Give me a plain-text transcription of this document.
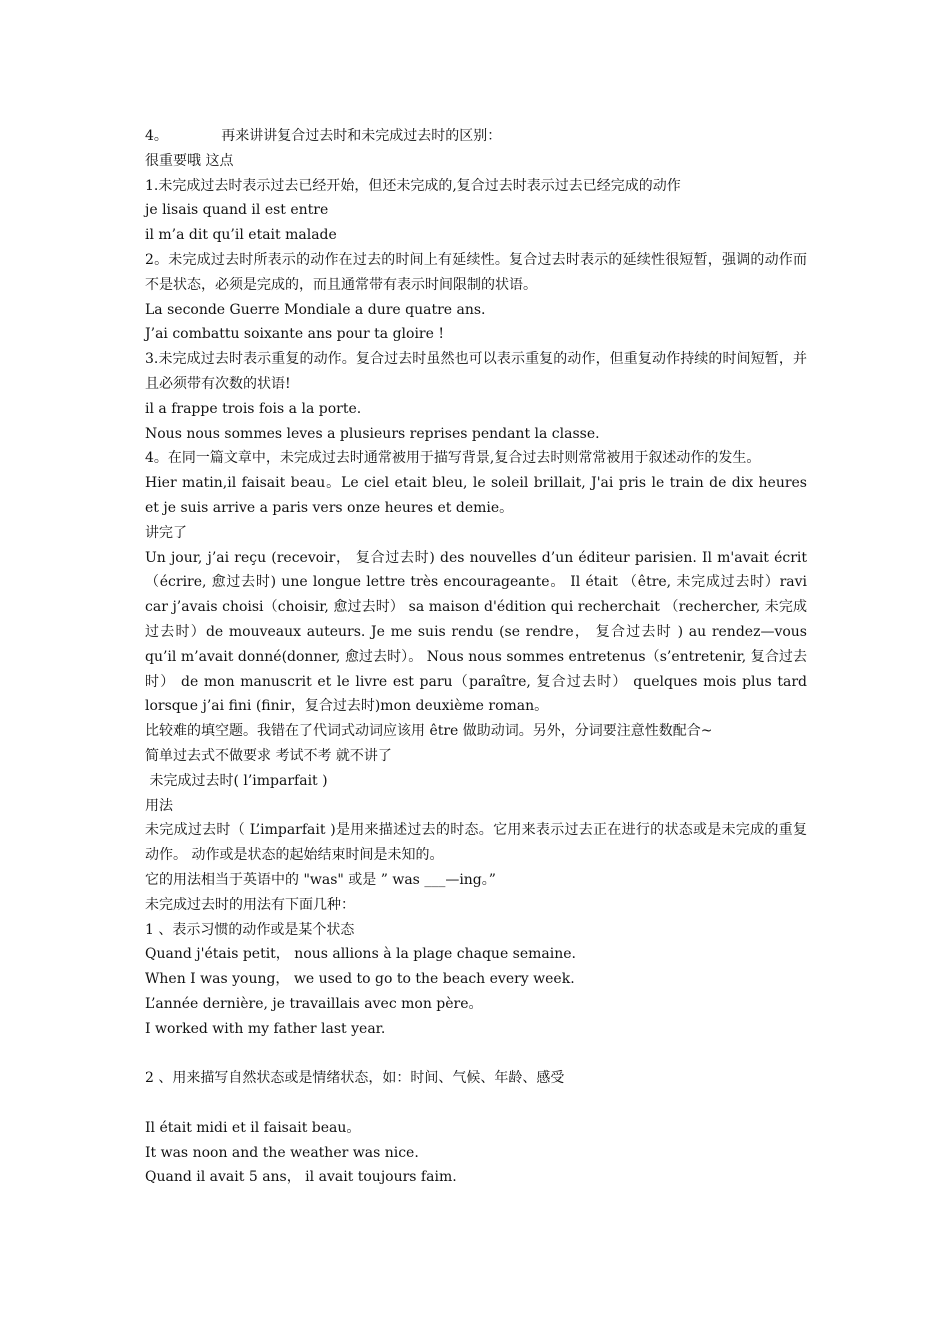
4。            再来讲讲复合过去时和未完成过去时的区别：

很重要哦 这点

1.未完成过去时表示过去已经开始，但还未完成的,复合过去时表示过去已经完成的动作

je lisais quand il est entre

il m’a dit qu’il etait malade

2。未完成过去时所表示的动作在过去的时间上有延续性。复合过去时表示的延续性很短暂，强调的动作而不是状态，必须是完成的，而且通常带有表示时间限制的状语。

La seconde Guerre Mondiale a dure quatre ans.

J’ai combattu soixante ans pour ta gloire !

3.未完成过去时表示重复的动作。复合过去时虽然也可以表示重复的动作，但重复动作持续的时间短暂，并且必须带有次数的状语!

il a frappe trois fois a la porte.

Nous nous sommes leves a plusieurs reprises pendant la classe.

4。在同一篇文章中，未完成过去时通常被用于描写背景,复合过去时则常常被用于叙述动作的发生。

Hier matin,il faisait beau。Le ciel etait bleu, le soleil brillait, J'ai pris le train de dix heures et je suis arrive a paris vers onze heures et demie。

讲完了

Un jour, j’ai reçu (recevoir， 复合过去时) des nouvelles d’un éditeur parisien. Il m'avait écrit（écrire, 愈过去时) une longue lettre très encourageante。 Il était （être, 未完成过去时）ravi car j’avais choisi（choisir, 愈过去时） sa maison d'édition qui recherchait （rechercher, 未完成过去时）de mouveaux auteurs. Je me suis rendu (se rendre， 复合过去时 ) au rendez—vous qu’il m’avait donné(donner, 愈过去时）。 Nous nous sommes entretenus（s’entretenir, 复合过去时） de mon manuscrit et le livre est paru（paraître, 复合过去时） quelques mois plus tard lorsque j’ai fini (finir，复合过去时)mon deuxième roman。

比较难的填空题。我错在了代词式动词应该用 être 做助动词。另外，分词要注意性数配合~

简单过去式不做要求 考试不考 就不讲了

未完成过去时( l’imparfait )

用法

未完成过去时（ L’imparfait )是用来描述过去的时态。它用来表示过去正在进行的状态或是未完成的重复动作。 动作或是状态的起始结束时间是未知的。

它的用法相当于英语中的 "was" 或是 ” was ___—ing。”

未完成过去时的用法有下面几种：

1 、表示习惯的动作或是某个状态

Quand j'étais petit， nous allions à la plage chaque semaine.

When I was young， we used to go to the beach every week.

L’année dernière, je travaillais avec mon père。

I worked with my father last year.

2 、用来描写自然状态或是情绪状态，如：时间、气候、年龄、感受

Il était midi et il faisait beau。

It was noon and the weather was nice.

Quand il avait 5 ans， il avait toujours faim.
